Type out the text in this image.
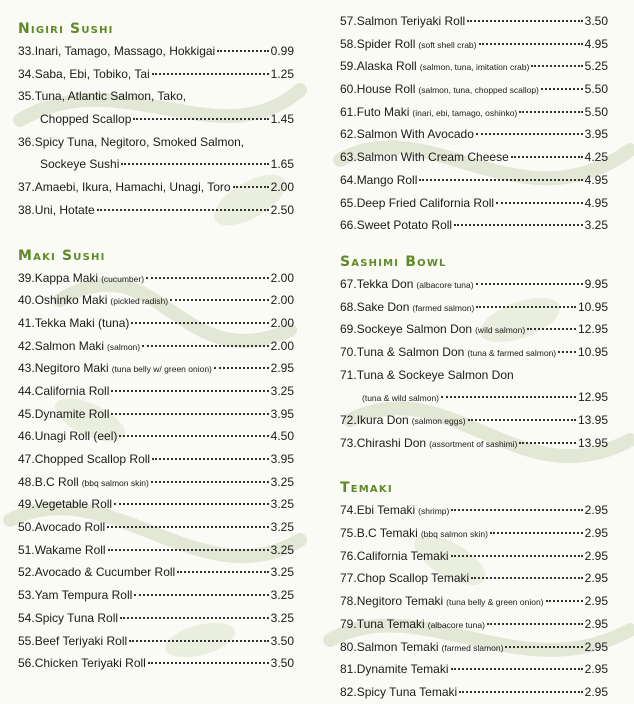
Nigiri Sushi
33. Inari, Tamago, Massago, Hokkigai	0.99
34. Saba, Ebi, Tobiko, Tai	1.25
35. Tuna, Atlantic Salmon, Tako,
Chopped Scallop	1.45
36. Spicy Tuna, Negitoro, Smoked Salmon,
Sockeye Sushi	1.65
37. Amaebi, Ikura, Hamachi, Unagi, Toro	2.00
38. Uni, Hotate	2.50
Maki Sushi
39. Kappa Maki (cucumber)	2.00
40. Oshinko Maki (pickled radish)	2.00
41. Tekka Maki (tuna)	2.00
42. Salmon Maki (salmon)	2.00
43. Negitoro Maki (tuna belly w/ green onion)	2.95
44. California Roll	3.25
45. Dynamite Roll	3.95
46. Unagi Roll (eel)	4.50
47. Chopped Scallop Roll	3.95
48. B.C Roll (bbq salmon skin)	3.25
49. Vegetable Roll	3.25
50. Avocado Roll	3.25
51. Wakame Roll	3.25
52. Avocado & Cucumber Roll	3.25
53. Yam Tempura Roll	3.25
54. Spicy Tuna Roll	3.25
55. Beef Teriyaki Roll	3.50
56. Chicken Teriyaki Roll	3.50
57. Salmon Teriyaki Roll	3.50
58. Spider Roll (soft shell crab)	4.95
59. Alaska Roll (salmon, tuna, imitation crab)	5.25
60. House Roll (salmon, tuna, chopped scallop)	5.50
61. Futo Maki (inari, ebi, tamago, oshinko)	5.50
62. Salmon With Avocado	3.95
63. Salmon With Cream Cheese	4.25
64. Mango Roll	4.95
65. Deep Fried California Roll	4.95
66. Sweet Potato Roll	3.25
Sashimi Bowl
67. Tekka Don (albacore tuna)	9.95
68. Sake Don (farmed salmon)	10.95
69. Sockeye Salmon Don (wild salmon)	12.95
70. Tuna & Salmon Don (tuna & farmed salmon) 10.95
71. Tuna & Sockeye Salmon Don
(tuna & wild salmon)	12.95
72. Ikura Don (salmon eggs)	13.95
73. Chirashi Don (assortment of sashimi)	13.95
Temaki
74. Ebi Temaki (shrimp)	2.95
75. B.C Temaki (bbq salmon skin)	2.95
76. California Temaki	2.95
77. Chop Scallop Temaki	2.95
78. Negitoro Temaki (tuna belly & green onion)	2.95
79. Tuna Temaki (albacore tuna)	2.95
80. Salmon Temaki (farmed slamon)	2.95
81. Dynamite Temaki	2.95
82. Spicy Tuna Temaki	2.95
